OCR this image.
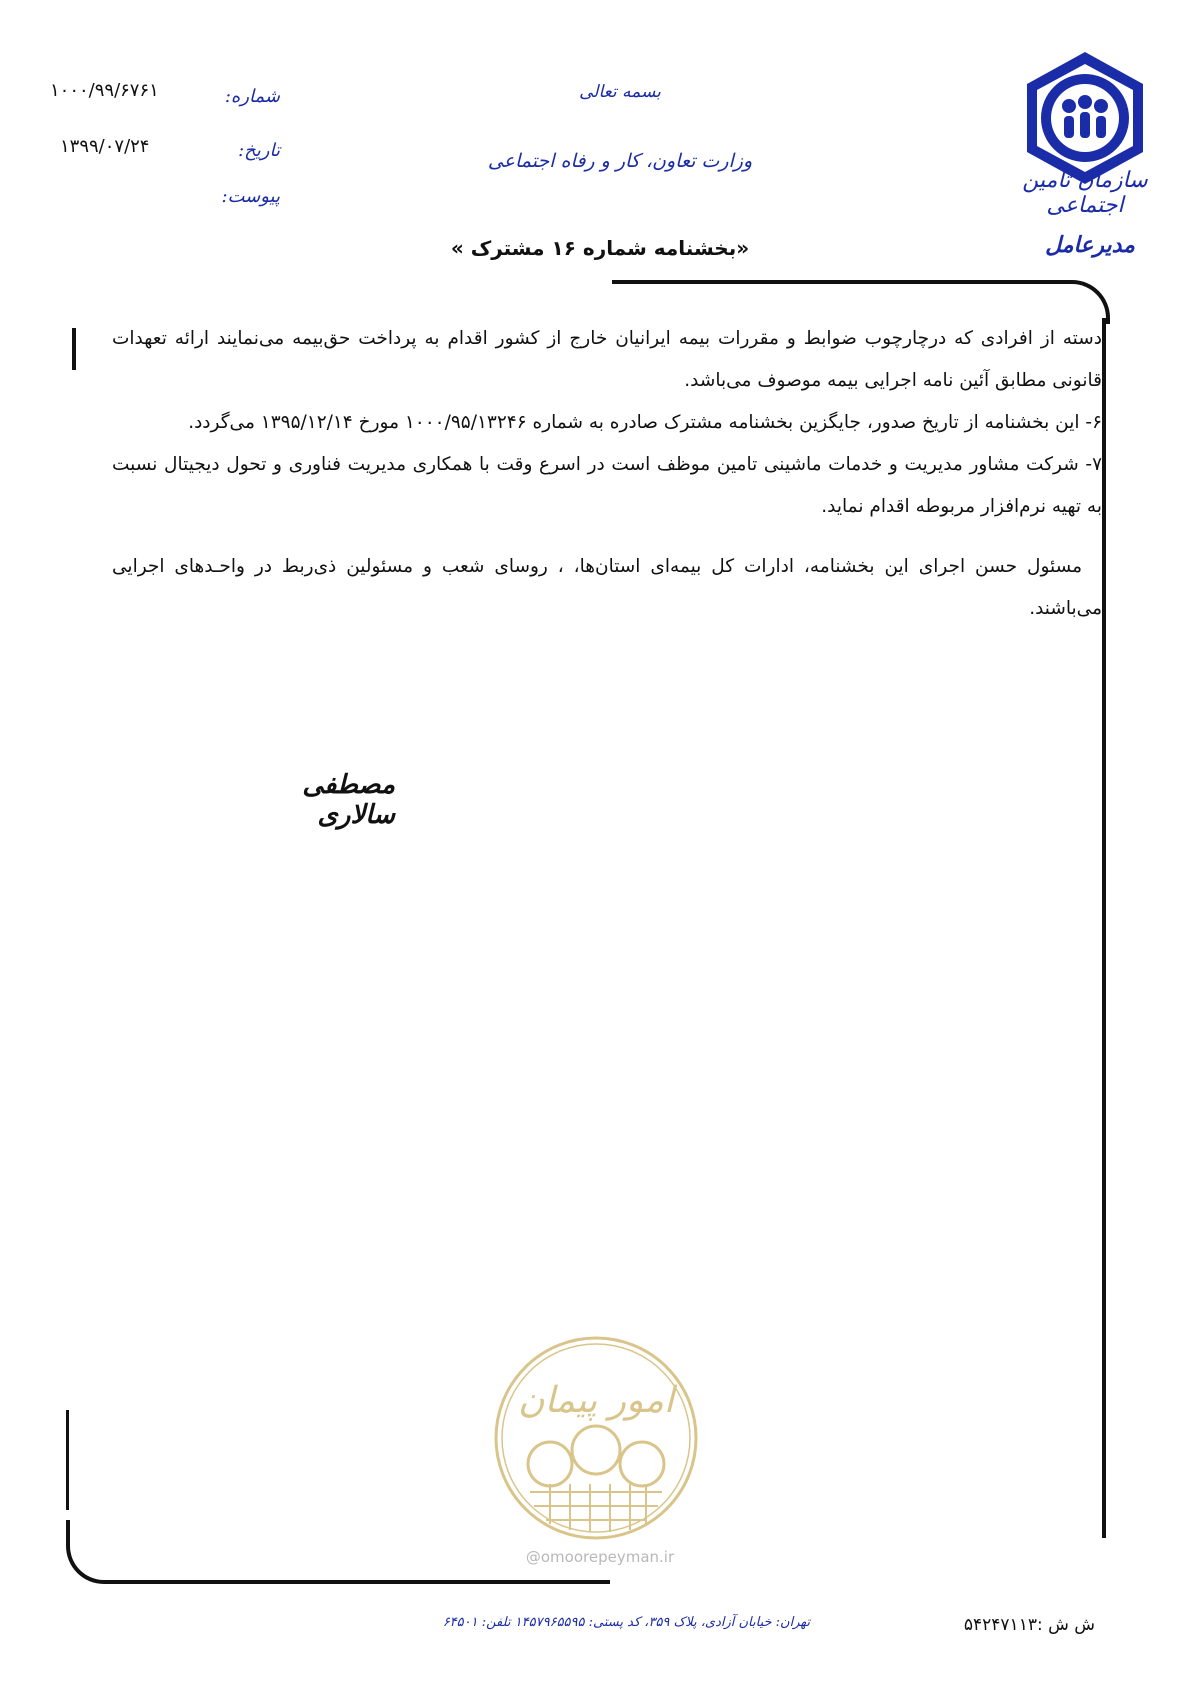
سازمان تأمین اجتماعی
مدیرعامل
بسمه تعالی
وزارت تعاون، کار و رفاه اجتماعی
شماره:
۱۰۰۰/۹۹/۶۷۶۱
تاریخ:
۱۳۹۹/۰۷/۲۴
پیوست:
«بخشنامه شماره ۱۶ مشترک »

دسته از افرادی که درچارچوب ضوابط و مقررات بیمه ایرانیان خارج از کشور اقدام به پرداخت حق‌بیمه می‌نمایند ارائه تعهدات قانونی مطابق آئین نامه اجرایی بیمه موصوف می‌باشد.

۶- این بخشنامه از تاریخ صدور، جایگزین بخشنامه مشترک صادره به شماره ۱۰۰۰/۹۵/۱۳۲۴۶ مورخ ۱۳۹۵/۱۲/۱۴ می‌گردد.

۷- شرکت مشاور مدیریت و خدمات ماشینی تامین موظف است در اسرع وقت با همکاری مدیریت فناوری و تحول دیجیتال نسبت به تهیه نرم‌افزار مربوطه اقدام نماید.

مسئول حسن اجرای این بخشنامه، ادارات کل بیمه‌ای استان‌ها، ، روسای شعب و مسئولین ذی‌ربط در واحـدهای اجرایی می‌باشند.

مصطفی سالاری
امور پیمان
@omoorepeyman.ir
تهران: خیابان آزادی، پلاک ۳۵۹، کد پستی: ۱۴۵۷۹۶۵۵۹۵ تلفن: ۶۴۵۰۱	ش ش :۵۴۲۴۷۱۱۳
